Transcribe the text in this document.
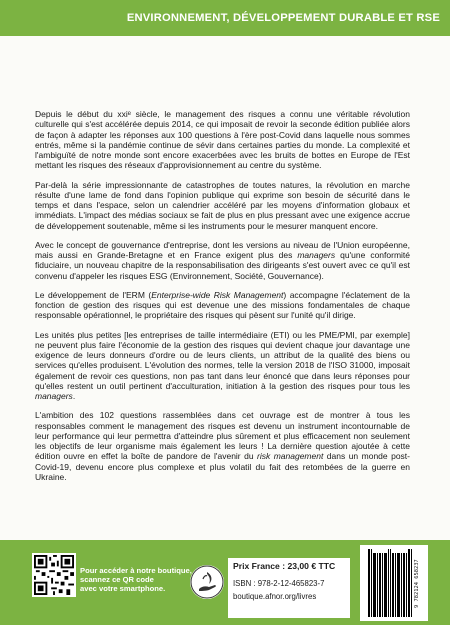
ENVIRONNEMENT, DÉVELOPPEMENT DURABLE ET RSE

Depuis le début du xxiᵉ siècle, le management des risques a connu une véritable révolution culturelle qui s'est accélérée depuis 2014, ce qui imposait de revoir la seconde édition publiée alors de façon à adapter les réponses aux 100 questions à l'ère post-Covid dans laquelle nous sommes entrés, même si la pandémie continue de sévir dans certaines parties du monde. La complexité et l'ambiguïté de notre monde sont encore exacerbées avec les bruits de bottes en Europe de l'Est mettant les risques des réseaux d'approvisionnement au centre du système.

Par-delà la série impressionnante de catastrophes de toutes natures, la révolution en marche résulte d'une lame de fond dans l'opinion publique qui exprime son besoin de sécurité dans le temps et dans l'espace, selon un calendrier accéléré par les moyens d'information globaux et immédiats. L'impact des médias sociaux se fait de plus en plus pressant avec une exigence accrue de développement soutenable, même si les instruments pour le mesurer manquent encore.

Avec le concept de gouvernance d'entreprise, dont les versions au niveau de l'Union européenne, mais aussi en Grande-Bretagne et en France exigent plus des managers qu'une conformité fiduciaire, un nouveau chapitre de la responsabilisation des dirigeants s'est ouvert avec ce qu'il est convenu d'appeler les risques ESG (Environnement, Société, Gouvernance).

Le développement de l'ERM (Enterprise-wide Risk Management) accompagne l'éclatement de la fonction de gestion des risques qui est devenue une des missions fondamentales de chaque responsable opérationnel, le propriétaire des risques qui pèsent sur l'unité qu'il dirige.

Les unités plus petites [les entreprises de taille intermédiaire (ETI) ou les PME/PMI, par exemple] ne peuvent plus faire l'économie de la gestion des risques qui devient chaque jour davantage une exigence de leurs donneurs d'ordre ou de leurs clients, un attribut de la qualité des biens ou services qu'elles produisent. L'évolution des normes, telle la version 2018 de l'ISO 31000, imposait également de revoir ces questions, non pas tant dans leur énoncé que dans leurs réponses pour qu'elles restent un outil pertinent d'acculturation, initiation à la gestion des risques pour tous les managers.

L'ambition des 102 questions rassemblées dans cet ouvrage est de montrer à tous les responsables comment le management des risques est devenu un instrument incontournable de leur performance qui leur permettra d'atteindre plus sûrement et plus efficacement non seulement les objectifs de leur organisme mais également les leurs ! La dernière question ajoutée à cette édition ouvre en effet la boîte de pandore de l'avenir du risk management dans un monde post-Covid-19, devenu encore plus complexe et plus volatil du fait des retombées de la guerre en Ukraine.

Pour accéder à notre boutique,
scannez ce QR code
avec votre smartphone.
Prix France : 23,00 € TTC
ISBN : 978-2-12-465823-7
boutique.afnor.org/livres	9 782124 658237
